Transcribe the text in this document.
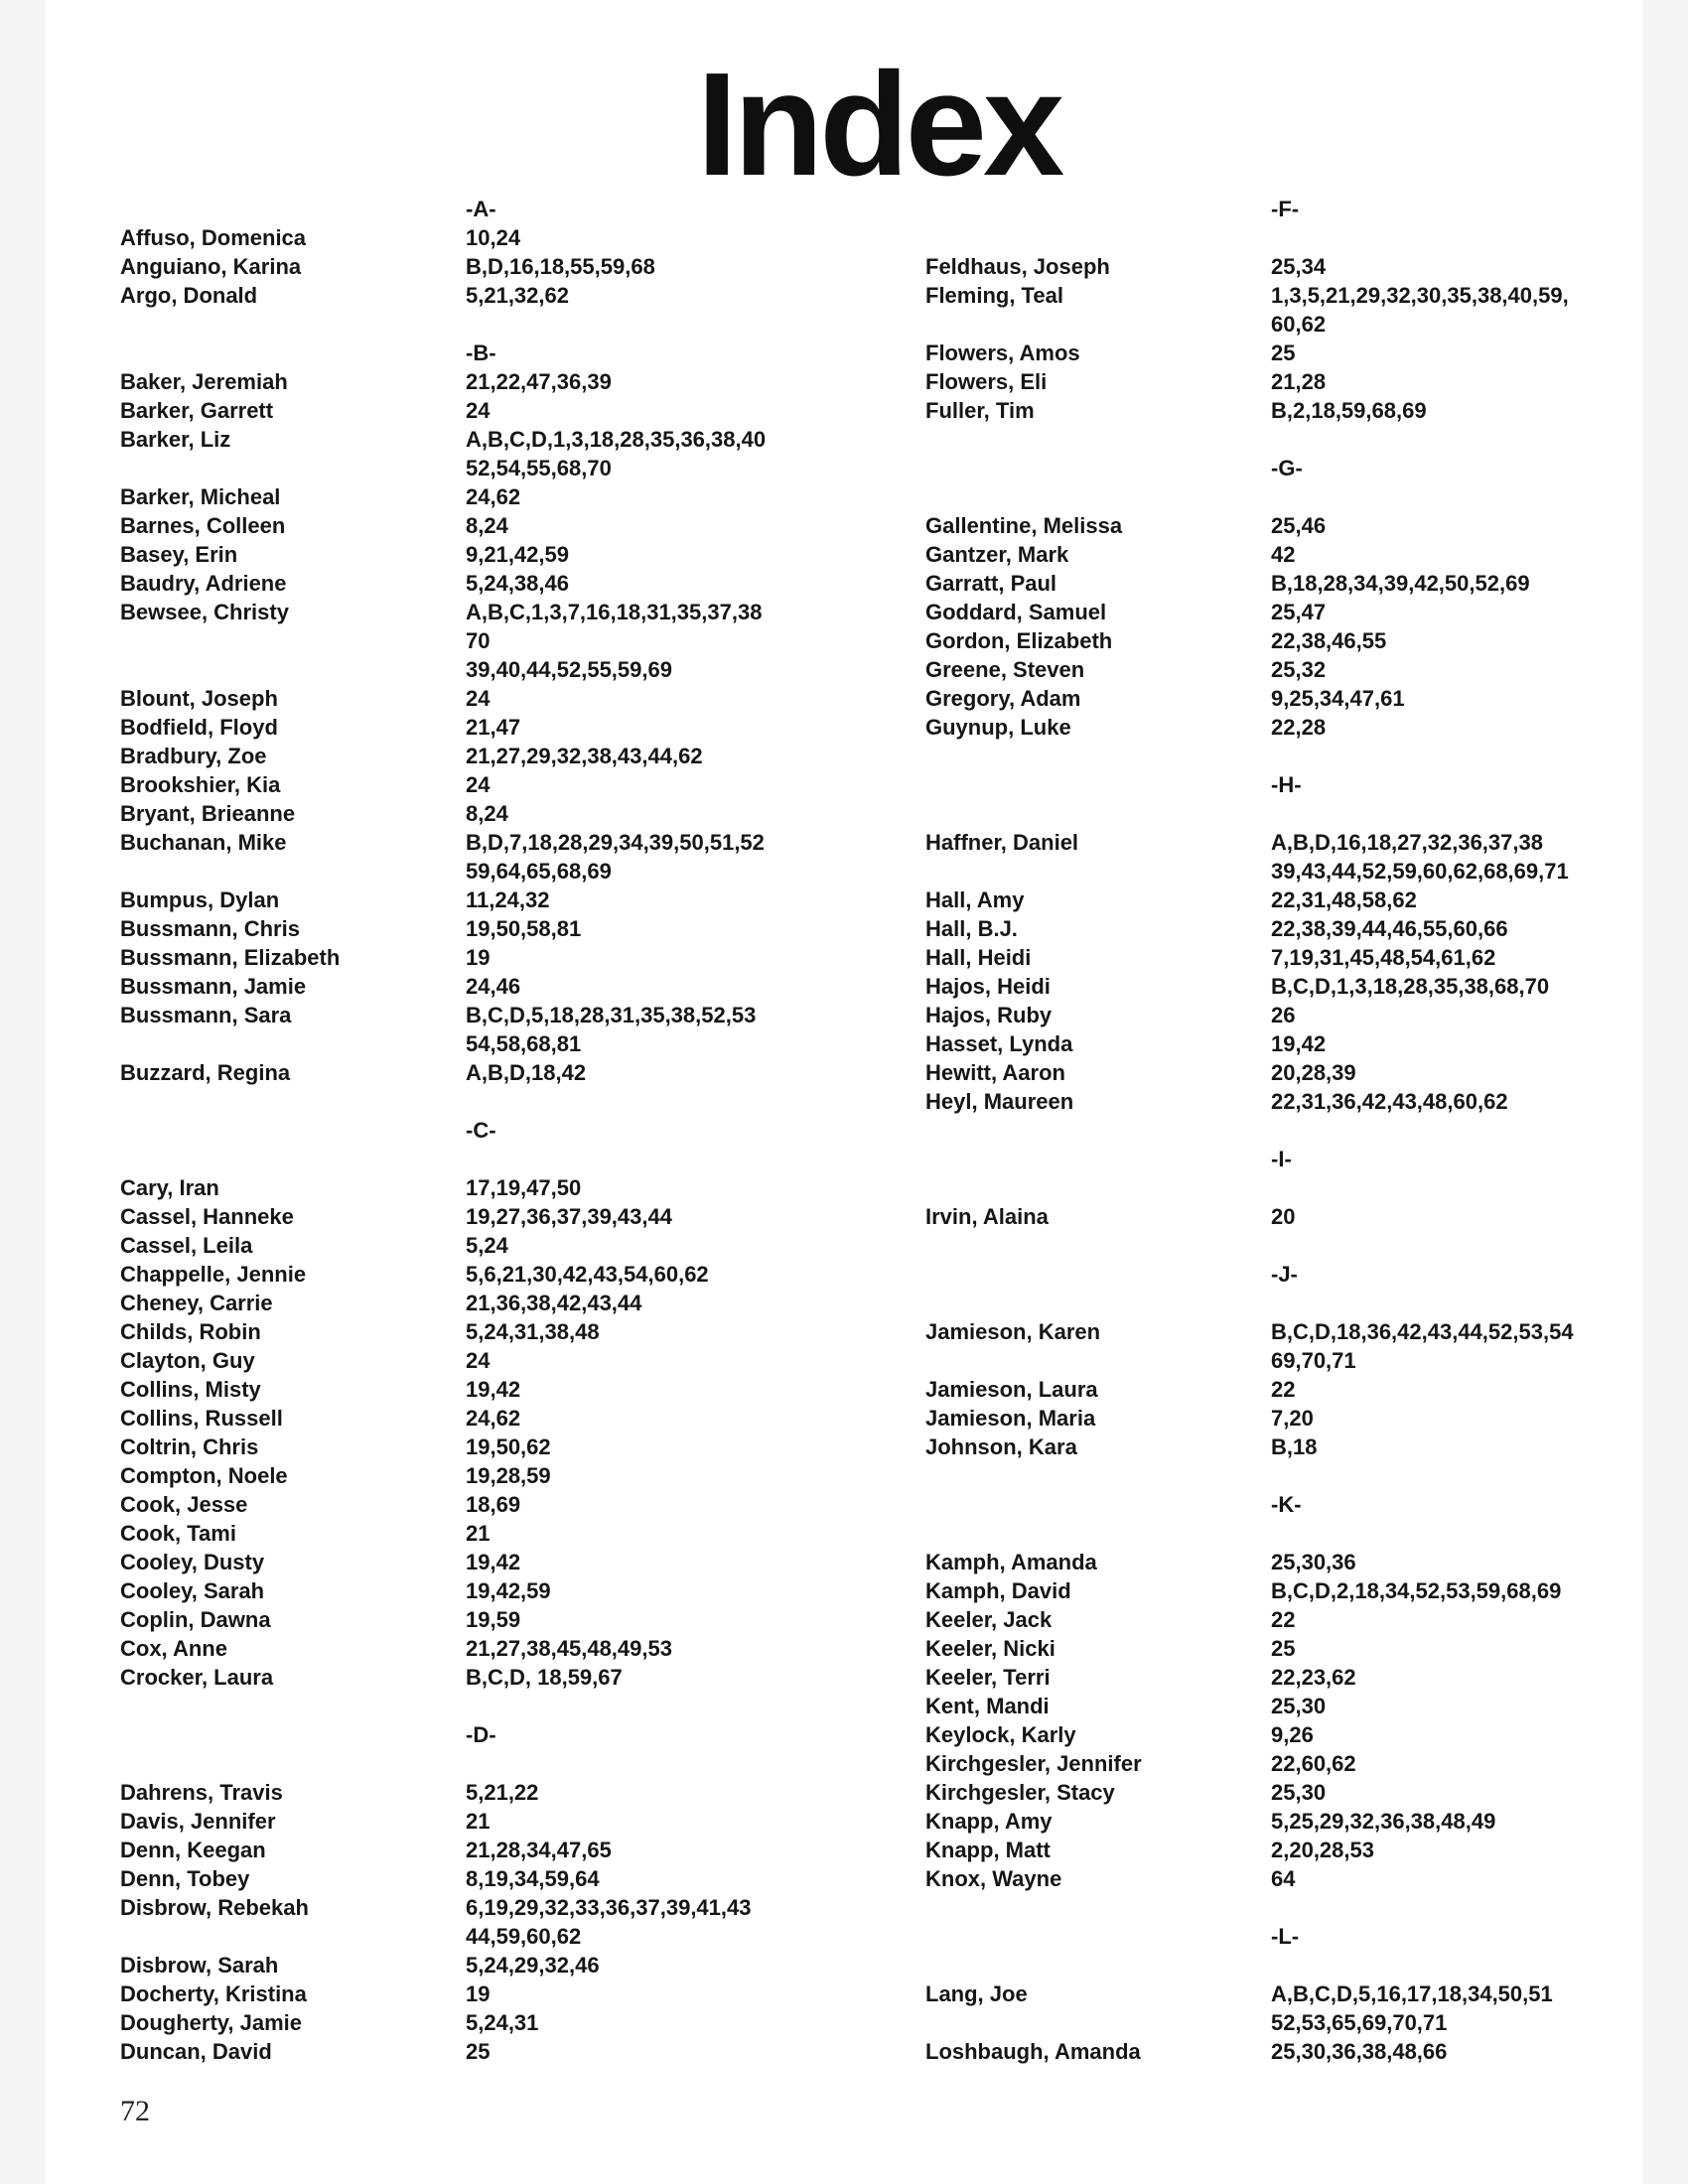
Index
-A-
Affuso, Domenica	10,24
Anguiano, Karina	B,D,16,18,55,59,68
Argo, Donald	5,21,32,62
-B-
Baker, Jeremiah	21,22,47,36,39
Barker, Garrett	24
Barker, Liz	A,B,C,D,1,3,18,28,35,36,38,40
52,54,55,68,70
Barker, Micheal	24,62
Barnes, Colleen	8,24
Basey, Erin	9,21,42,59
Baudry, Adriene	5,24,38,46
Bewsee, Christy	A,B,C,1,3,7,16,18,31,35,37,38
70
39,40,44,52,55,59,69
Blount, Joseph	24
Bodfield, Floyd	21,47
Bradbury, Zoe	21,27,29,32,38,43,44,62
Brookshier, Kia	24
Bryant, Brieanne	8,24
Buchanan, Mike	B,D,7,18,28,29,34,39,50,51,52
59,64,65,68,69
Bumpus, Dylan	11,24,32
Bussmann, Chris	19,50,58,81
Bussmann, Elizabeth	19
Bussmann, Jamie	24,46
Bussmann, Sara	B,C,D,5,18,28,31,35,38,52,53
54,58,68,81
Buzzard, Regina	A,B,D,18,42
-C-
Cary, Iran	17,19,47,50
Cassel, Hanneke	19,27,36,37,39,43,44
Cassel, Leila	5,24
Chappelle, Jennie	5,6,21,30,42,43,54,60,62
Cheney, Carrie	21,36,38,42,43,44
Childs, Robin	5,24,31,38,48
Clayton, Guy	24
Collins, Misty	19,42
Collins, Russell	24,62
Coltrin, Chris	19,50,62
Compton, Noele	19,28,59
Cook, Jesse	18,69
Cook, Tami	21
Cooley, Dusty	19,42
Cooley, Sarah	19,42,59
Coplin, Dawna	19,59
Cox, Anne	21,27,38,45,48,49,53
Crocker, Laura	B,C,D, 18,59,67
-D-
Dahrens, Travis	5,21,22
Davis, Jennifer	21
Denn, Keegan	21,28,34,47,65
Denn, Tobey	8,19,34,59,64
Disbrow, Rebekah	6,19,29,32,33,36,37,39,41,43
44,59,60,62
Disbrow, Sarah	5,24,29,32,46
Docherty, Kristina	19
Dougherty, Jamie	5,24,31
Duncan, David	25
-F-
Feldhaus, Joseph	25,34
Fleming, Teal	1,3,5,21,29,32,30,35,38,40,59,
60,62
Flowers, Amos	25
Flowers, Eli	21,28
Fuller, Tim	B,2,18,59,68,69
-G-
Gallentine, Melissa	25,46
Gantzer, Mark	42
Garratt, Paul	B,18,28,34,39,42,50,52,69
Goddard, Samuel	25,47
Gordon, Elizabeth	22,38,46,55
Greene, Steven	25,32
Gregory, Adam	9,25,34,47,61
Guynup, Luke	22,28
-H-
Haffner, Daniel	A,B,D,16,18,27,32,36,37,38
39,43,44,52,59,60,62,68,69,71
Hall, Amy	22,31,48,58,62
Hall, B.J.	22,38,39,44,46,55,60,66
Hall, Heidi	7,19,31,45,48,54,61,62
Hajos, Heidi	B,C,D,1,3,18,28,35,38,68,70
Hajos, Ruby	26
Hasset, Lynda	19,42
Hewitt, Aaron	20,28,39
Heyl, Maureen	22,31,36,42,43,48,60,62
-I-
Irvin, Alaina	20
-J-
Jamieson, Karen	B,C,D,18,36,42,43,44,52,53,54
69,70,71
Jamieson, Laura	22
Jamieson, Maria	7,20
Johnson, Kara	B,18
-K-
Kamph, Amanda	25,30,36
Kamph, David	B,C,D,2,18,34,52,53,59,68,69
Keeler, Jack	22
Keeler, Nicki	25
Keeler, Terri	22,23,62
Kent, Mandi	25,30
Keylock, Karly	9,26
Kirchgesler, Jennifer	22,60,62
Kirchgesler, Stacy	25,30
Knapp, Amy	5,25,29,32,36,38,48,49
Knapp, Matt	2,20,28,53
Knox, Wayne	64
-L-
Lang, Joe	A,B,C,D,5,16,17,18,34,50,51
52,53,65,69,70,71
Loshbaugh, Amanda	25,30,36,38,48,66
72
